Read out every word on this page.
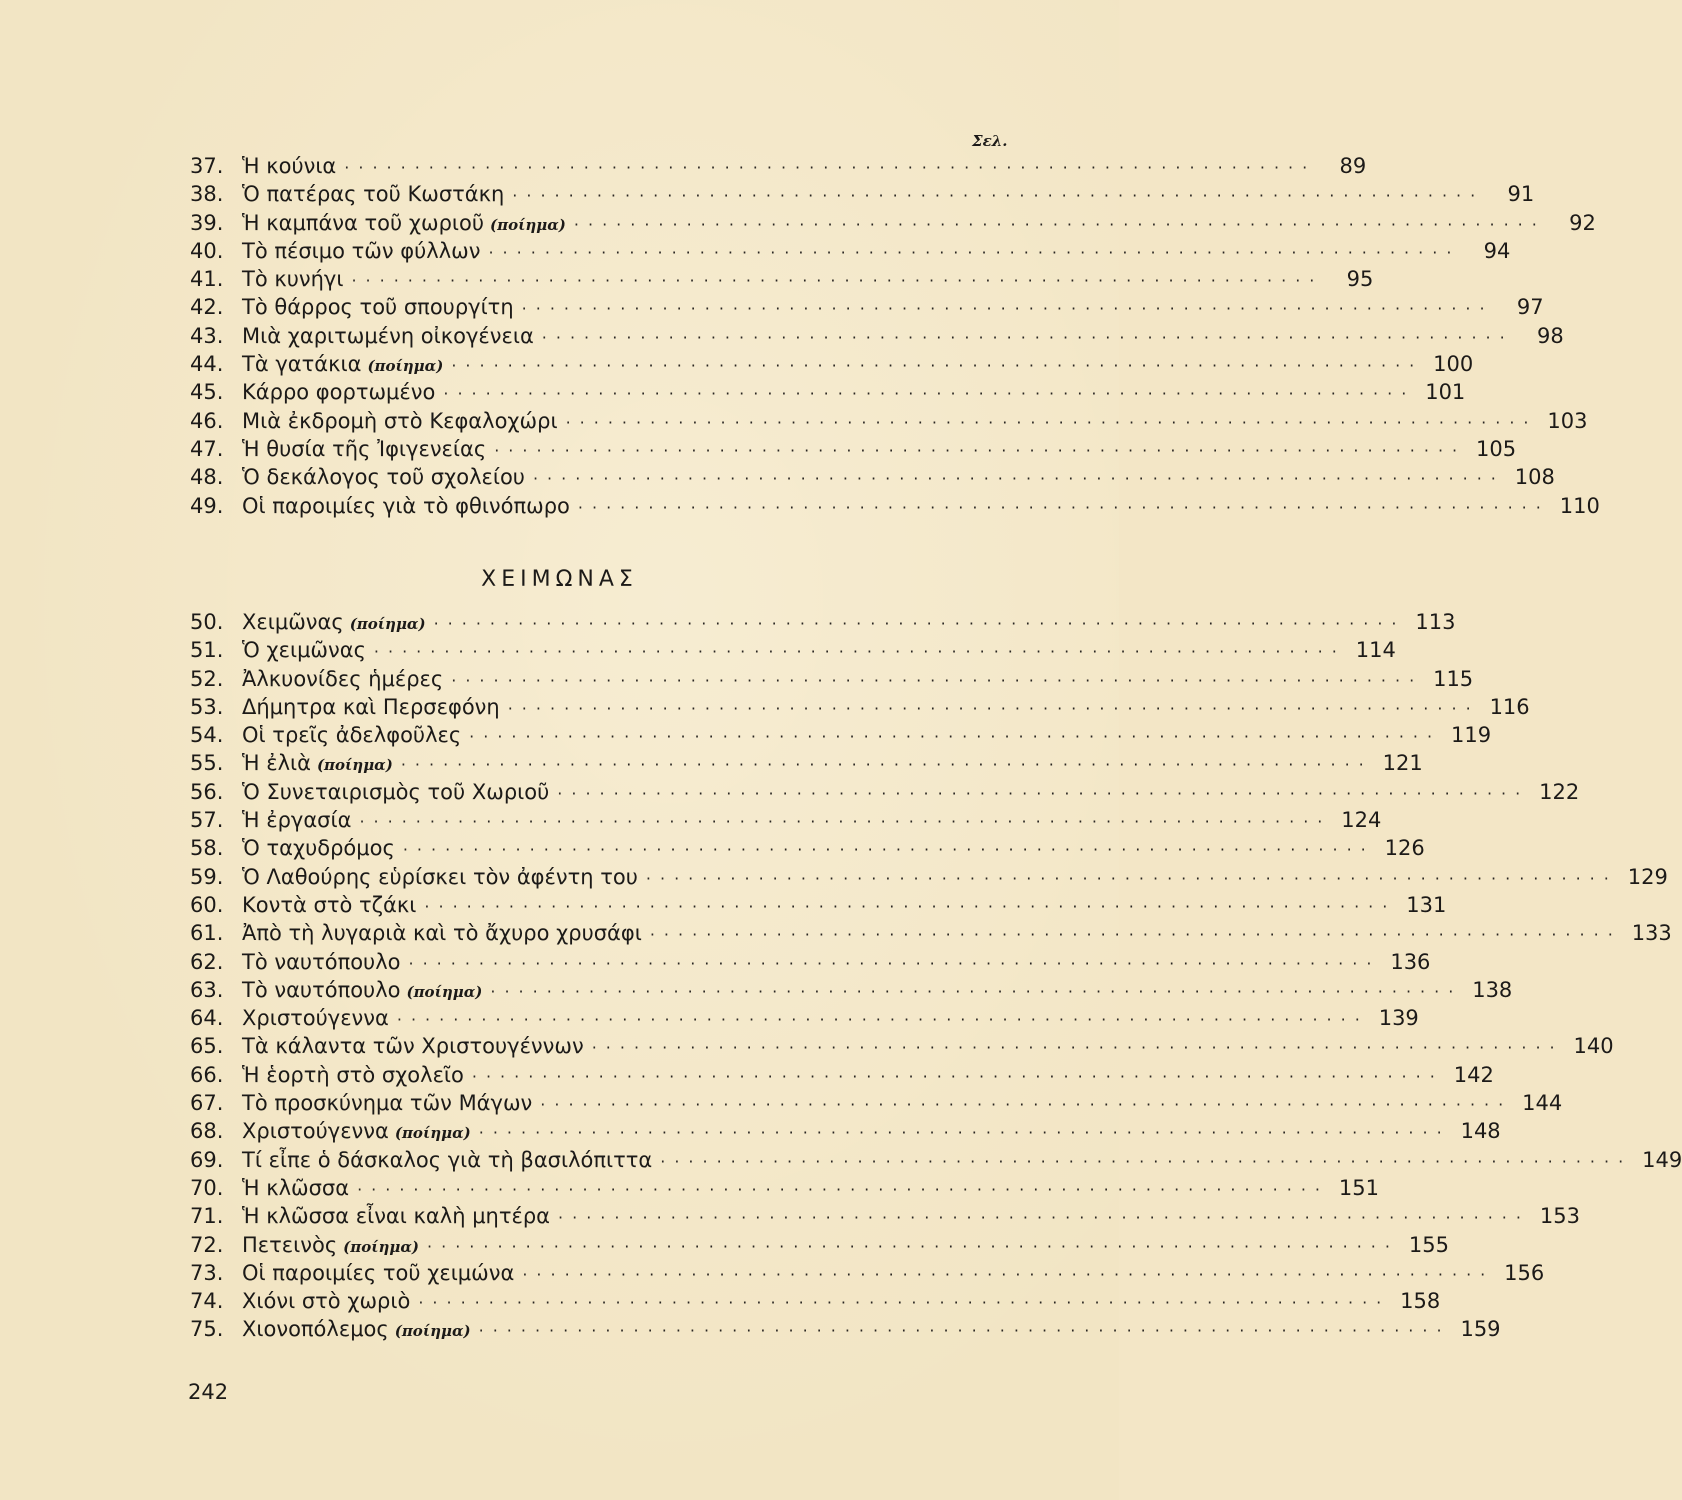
Σελ.
37. Ἡ κούνια ·····································································	89
38. Ὁ πατέρας τοῦ Κωστάκη ·····································································	91
39. Ἡ καμπάνα τοῦ χωριοῦ (ποίημα) ·····································································	92
40. Τὸ πέσιμο τῶν φύλλων ·····································································	94
41. Τὸ κυνήγι ·····································································	95
42. Τὸ θάρρος τοῦ σπουργίτη ·····································································	97
43. Μιὰ χαριτωμένη οἰκογένεια ·····································································	98
44. Τὰ γατάκια (ποίημα) ····································································· 100
45. Κάρρο φορτωμένο ····································································· 101
46. Μιὰ ἐκδρομὴ στὸ Κεφαλοχώρι ····································································· 103
47. Ἡ θυσία τῆς Ἰφιγενείας ····································································· 105
48. Ὁ δεκάλογος τοῦ σχολείου ····································································· 108
49. Οἱ παροιμίες γιὰ τὸ φθινόπωρο ····································································· 110
ΧΕΙΜΩΝΑΣ
50. Χειμῶνας (ποίημα) ····································································· 113
51. Ὁ χειμῶνας ····································································· 114
52. Ἀλκυονίδες ἡμέρες ····································································· 115
53. Δήμητρα καὶ Περσεφόνη ····································································· 116
54. Οἱ τρεῖς ἀδελφοῦλες ····································································· 119
55. Ἡ ἐλιὰ (ποίημα) ····································································· 121
56. Ὁ Συνεταιρισμὸς τοῦ Χωριοῦ ····································································· 122
57. Ἡ ἐργασία ····································································· 124
58. Ὁ ταχυδρόμος ····································································· 126
59. Ὁ Λαθούρης εὑρίσκει τὸν ἀφέντη του ····································································· 129
60. Κοντὰ στὸ τζάκι ····································································· 131
61. Ἀπὸ τὴ λυγαριὰ καὶ τὸ ἄχυρο χρυσάφι ····································································· 133
62. Τὸ ναυτόπουλο ····································································· 136
63. Τὸ ναυτόπουλο (ποίημα) ····································································· 138
64. Χριστούγεννα ····································································· 139
65. Τὰ κάλαντα τῶν Χριστουγέννων ····································································· 140
66. Ἡ ἑορτὴ στὸ σχολεῖο ····································································· 142
67. Τὸ προσκύνημα τῶν Μάγων ····································································· 144
68. Χριστούγεννα (ποίημα) ····································································· 148
69. Τί εἶπε ὁ δάσκαλος γιὰ τὴ βασιλόπιττα ····································································· 149
70. Ἡ κλῶσσα ····································································· 151
71. Ἡ κλῶσσα εἶναι καλὴ μητέρα ····································································· 153
72. Πετεινὸς (ποίημα) ····································································· 155
73. Οἱ παροιμίες τοῦ χειμώνα ····································································· 156
74. Χιόνι στὸ χωριὸ ····································································· 158
75. Χιονοπόλεμος (ποίημα) ····································································· 159
242
